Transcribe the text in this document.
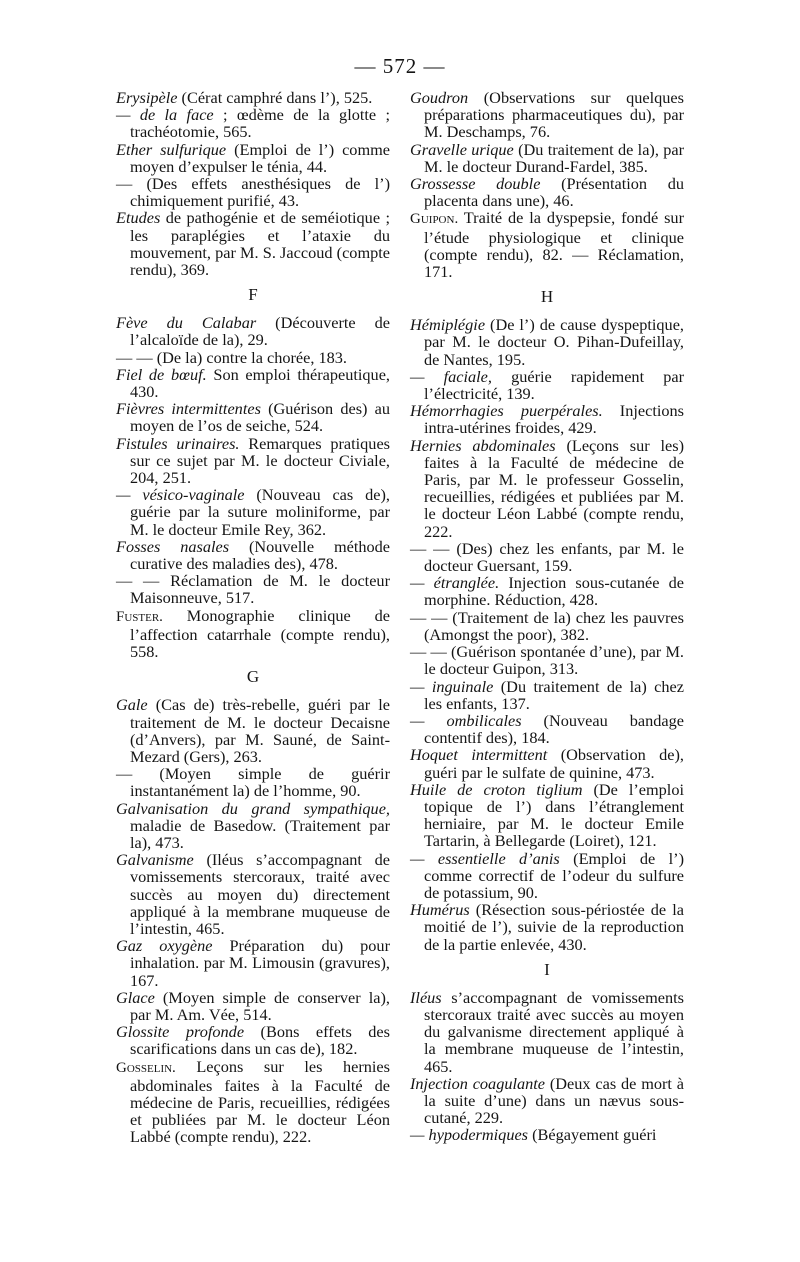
— 572 —

Erysipèle (Cérat camphré dans l’), 525.

— de la face ; œdème de la glotte ; trachéotomie, 565.

Ether sulfurique (Emploi de l’) comme moyen d’expulser le ténia, 44.

— (Des effets anesthésiques de l’) chimiquement purifié, 43.

Etudes de pathogénie et de seméiotique ; les paraplégies et l’ataxie du mouvement, par M. S. Jaccoud (compte rendu), 369.

F

Fève du Calabar (Découverte de l’alcaloïde de la), 29.

— — (De la) contre la chorée, 183.

Fiel de bœuf. Son emploi thérapeutique, 430.

Fièvres intermittentes (Guérison des) au moyen de l’os de seiche, 524.

Fistules urinaires. Remarques pratiques sur ce sujet par M. le docteur Civiale, 204, 251.

— vésico-vaginale (Nouveau cas de), guérie par la suture moliniforme, par M. le docteur Emile Rey, 362.

Fosses nasales (Nouvelle méthode curative des maladies des), 478.

— — Réclamation de M. le docteur Maisonneuve, 517.

Fuster. Monographie clinique de l’affection catarrhale (compte rendu), 558.

G

Gale (Cas de) très-rebelle, guéri par le traitement de M. le docteur Decaisne (d’Anvers), par M. Sauné, de Saint-Mezard (Gers), 263.

— (Moyen simple de guérir instantanément la) de l’homme, 90.

Galvanisation du grand sympathique, maladie de Basedow. (Traitement par la), 473.

Galvanisme (Iléus s’accompagnant de vomissements stercoraux, traité avec succès au moyen du) directement appliqué à la membrane muqueuse de l’intestin, 465.

Gaz oxygène Préparation du) pour inhalation. par M. Limousin (gravures), 167.

Glace (Moyen simple de conserver la), par M. Am. Vée, 514.

Glossite profonde (Bons effets des scarifications dans un cas de), 182.

Gosselin. Leçons sur les hernies abdominales faites à la Faculté de médecine de Paris, recueillies, rédigées et publiées par M. le docteur Léon Labbé (compte rendu), 222.

Goudron (Observations sur quelques préparations pharmaceutiques du), par M. Deschamps, 76.

Gravelle urique (Du traitement de la), par M. le docteur Durand-Fardel, 385.

Grossesse double (Présentation du placenta dans une), 46.

Guipon. Traité de la dyspepsie, fondé sur l’étude physiologique et clinique (compte rendu), 82. — Réclamation, 171.

H

Hémiplégie (De l’) de cause dyspeptique, par M. le docteur O. Pihan-Dufeillay, de Nantes, 195.

— faciale, guérie rapidement par l’électricité, 139.

Hémorrhagies puerpérales. Injections intra-utérines froides, 429.

Hernies abdominales (Leçons sur les) faites à la Faculté de médecine de Paris, par M. le professeur Gosselin, recueillies, rédigées et publiées par M. le docteur Léon Labbé (compte rendu, 222.

— — (Des) chez les enfants, par M. le docteur Guersant, 159.

— étranglée. Injection sous-cutanée de morphine. Réduction, 428.

— — (Traitement de la) chez les pauvres (Amongst the poor), 382.

— — (Guérison spontanée d’une), par M. le docteur Guipon, 313.

— inguinale (Du traitement de la) chez les enfants, 137.

— ombilicales (Nouveau bandage contentif des), 184.

Hoquet intermittent (Observation de), guéri par le sulfate de quinine, 473.

Huile de croton tiglium (De l’emploi topique de l’) dans l’étranglement herniaire, par M. le docteur Emile Tartarin, à Bellegarde (Loiret), 121.

— essentielle d’anis (Emploi de l’) comme correctif de l’odeur du sulfure de potassium, 90.

Humérus (Résection sous-périostée de la moitié de l’), suivie de la reproduction de la partie enlevée, 430.

I

Iléus s’accompagnant de vomissements stercoraux traité avec succès au moyen du galvanisme directement appliqué à la membrane muqueuse de l’intestin, 465.

Injection coagulante (Deux cas de mort à la suite d’une) dans un nævus sous-cutané, 229.

— hypodermiques (Bégayement guéri
